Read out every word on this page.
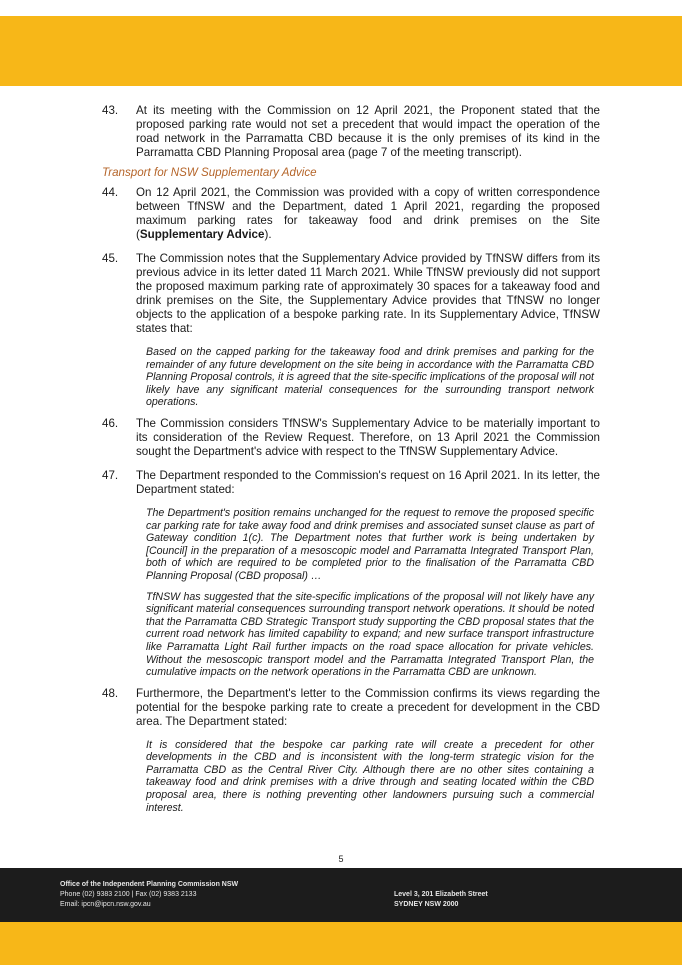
43.	At its meeting with the Commission on 12 April 2021, the Proponent stated that the proposed parking rate would not set a precedent that would impact the operation of the road network in the Parramatta CBD because it is the only premises of its kind in the Parramatta CBD Planning Proposal area (page 7 of the meeting transcript).
Transport for NSW Supplementary Advice
44.	On 12 April 2021, the Commission was provided with a copy of written correspondence between TfNSW and the Department, dated 1 April 2021, regarding the proposed maximum parking rates for takeaway food and drink premises on the Site (Supplementary Advice).
45.	The Commission notes that the Supplementary Advice provided by TfNSW differs from its previous advice in its letter dated 11 March 2021. While TfNSW previously did not support the proposed maximum parking rate of approximately 30 spaces for a takeaway food and drink premises on the Site, the Supplementary Advice provides that TfNSW no longer objects to the application of a bespoke parking rate. In its Supplementary Advice, TfNSW states that:

Based on the capped parking for the takeaway food and drink premises and parking for the remainder of any future development on the site being in accordance with the Parramatta CBD Planning Proposal controls, it is agreed that the site-specific implications of the proposal will not likely have any significant material consequences for the surrounding transport network operations.

46.	The Commission considers TfNSW's Supplementary Advice to be materially important to its consideration of the Review Request. Therefore, on 13 April 2021 the Commission sought the Department's advice with respect to the TfNSW Supplementary Advice.
47.	The Department responded to the Commission's request on 16 April 2021. In its letter, the Department stated:

The Department's position remains unchanged for the request to remove the proposed specific car parking rate for take away food and drink premises and associated sunset clause as part of Gateway condition 1(c). The Department notes that further work is being undertaken by [Council] in the preparation of a mesoscopic model and Parramatta Integrated Transport Plan, both of which are required to be completed prior to the finalisation of the Parramatta CBD Planning Proposal (CBD proposal) …

TfNSW has suggested that the site-specific implications of the proposal will not likely have any significant material consequences surrounding transport network operations. It should be noted that the Parramatta CBD Strategic Transport study supporting the CBD proposal states that the current road network has limited capability to expand; and new surface transport infrastructure like Parramatta Light Rail further impacts on the road space allocation for private vehicles. Without the mesoscopic transport model and the Parramatta Integrated Transport Plan, the cumulative impacts on the network operations in the Parramatta CBD are unknown.

48.	Furthermore, the Department's letter to the Commission confirms its views regarding the potential for the bespoke parking rate to create a precedent for development in the CBD area. The Department stated:

It is considered that the bespoke car parking rate will create a precedent for other developments in the CBD and is inconsistent with the long-term strategic vision for the Parramatta CBD as the Central River City. Although there are no other sites containing a takeaway food and drink premises with a drive through and seating located within the CBD proposal area, there is nothing preventing other landowners pursuing such a commercial interest.

5
Office of the Independent Planning Commission NSW
Phone (02) 9383 2100 | Fax (02) 9383 2133
Email: ipcn@ipcn.nsw.gov.au
Level 3, 201 Elizabeth Street
SYDNEY NSW 2000
